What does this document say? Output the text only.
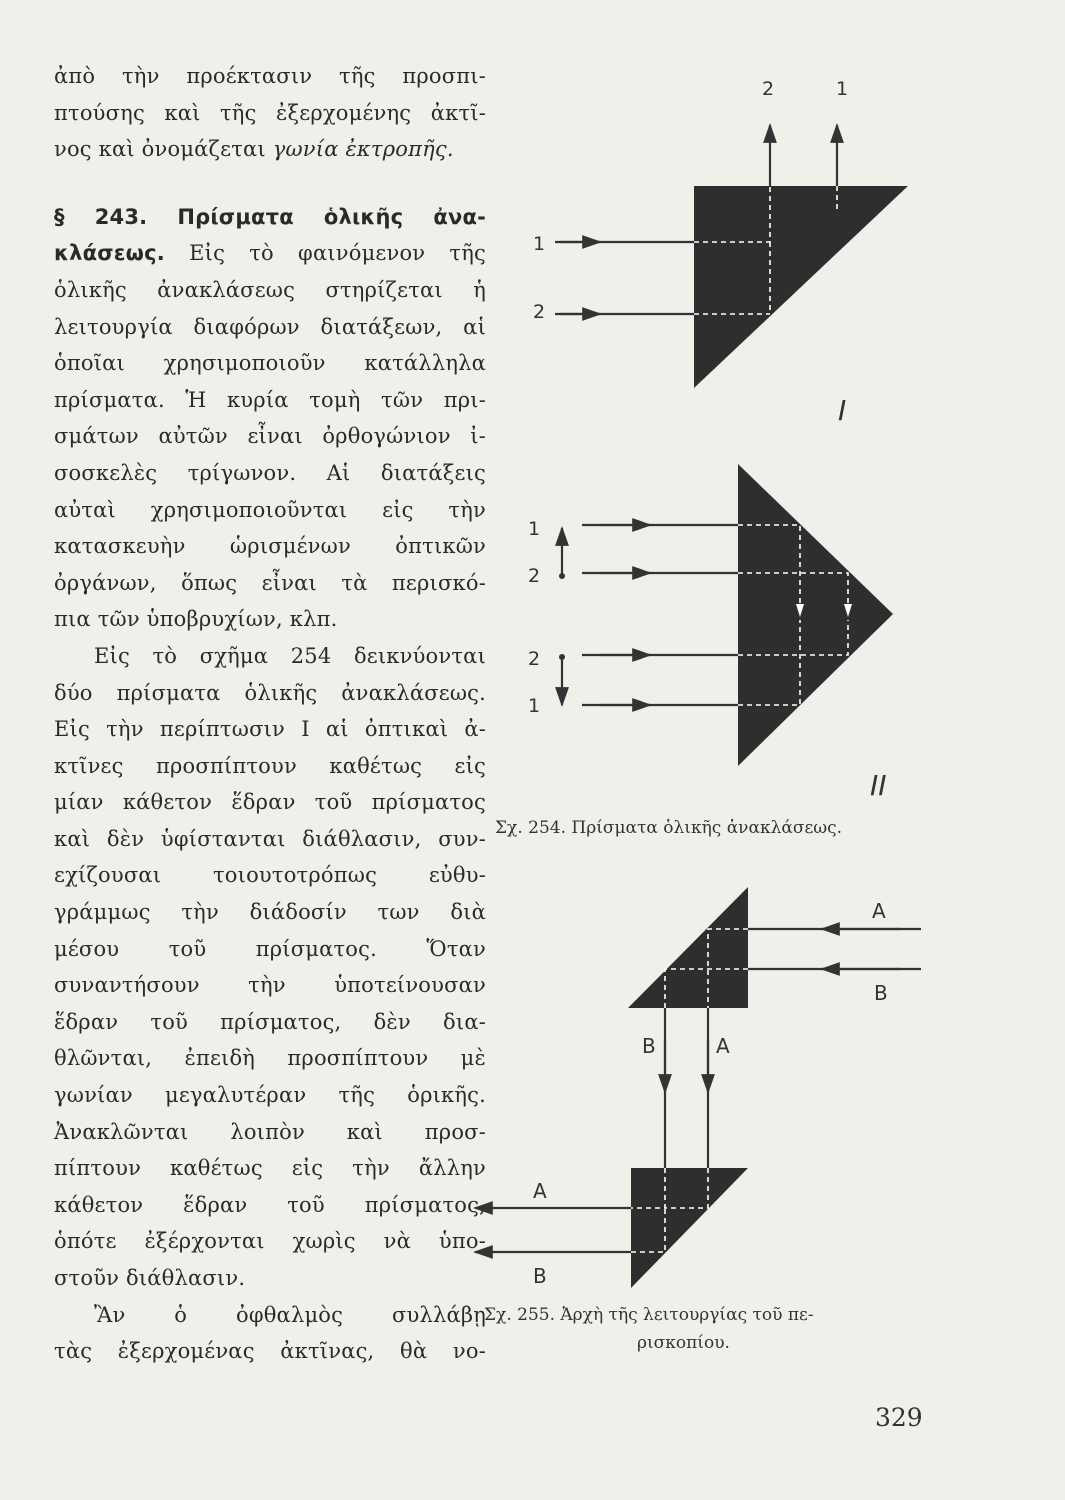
ἀπὸ τὴν προέκτασιν τῆς προσπι-
πτούσης καὶ τῆς ἐξερχομένης ἀκτῖ-
νος καὶ ὀνομάζεται γωνία ἐκτροπῆς.
§ 243. Πρίσματα ὁλικῆς ἀνα-
κλάσεως. Εἰς τὸ φαινόμενον τῆς
ὁλικῆς ἀνακλάσεως στηρίζεται ἡ
λειτουργία διαφόρων διατάξεων, αἱ
ὁποῖαι χρησιμοποιοῦν κατάλληλα
πρίσματα. Ἡ κυρία τομὴ τῶν πρι-
σμάτων αὐτῶν εἶναι ὀρθογώνιον ἰ-
σοσκελὲς τρίγωνον. Αἱ διατάξεις
αὐταὶ χρησιμοποιοῦνται εἰς τὴν
κατασκευὴν ὡρισμένων ὀπτικῶν
ὀργάνων, ὅπως εἶναι τὰ περισκό-
πια τῶν ὑποβρυχίων, κλπ.
Εἰς τὸ σχῆμα 254 δεικνύονται
δύο πρίσματα ὁλικῆς ἀνακλάσεως.
Εἰς τὴν περίπτωσιν Ι αἱ ὀπτικαὶ ἀ-
κτῖνες προσπίπτουν καθέτως εἰς
μίαν κάθετον ἕδραν τοῦ πρίσματος
καὶ δὲν ὑφίστανται διάθλασιν, συν-
εχίζουσαι τοιουτοτρόπως εὐθυ-
γράμμως τὴν διάδοσίν των διὰ
μέσου τοῦ πρίσματος. Ὅταν
συναντήσουν τὴν ὑποτείνουσαν
ἕδραν τοῦ πρίσματος, δὲν δια-
θλῶνται, ἐπειδὴ προσπίπτουν μὲ
γωνίαν μεγαλυτέραν τῆς ὁρικῆς.
Ἀνακλῶνται λοιπὸν καὶ προσ-
πίπτουν καθέτως εἰς τὴν ἄλλην
κάθετον ἕδραν τοῦ πρίσματος,
ὁπότε ἐξέρχονται χωρὶς νὰ ὑπο-
στοῦν διάθλασιν.
Ἂν ὁ ὀφθαλμὸς συλλάβῃ
τὰς ἐξερχομένας ἀκτῖνας, θὰ νο-
1
2
2	1
I
1
2
2
1
II
A
B
B	A
A
B
Σχ. 254. Πρίσματα ὁλικῆς ἀνακλάσεως.
Σχ. 255. Ἀρχὴ τῆς λειτουργίας τοῦ πε-
ρισκοπίου.
329
